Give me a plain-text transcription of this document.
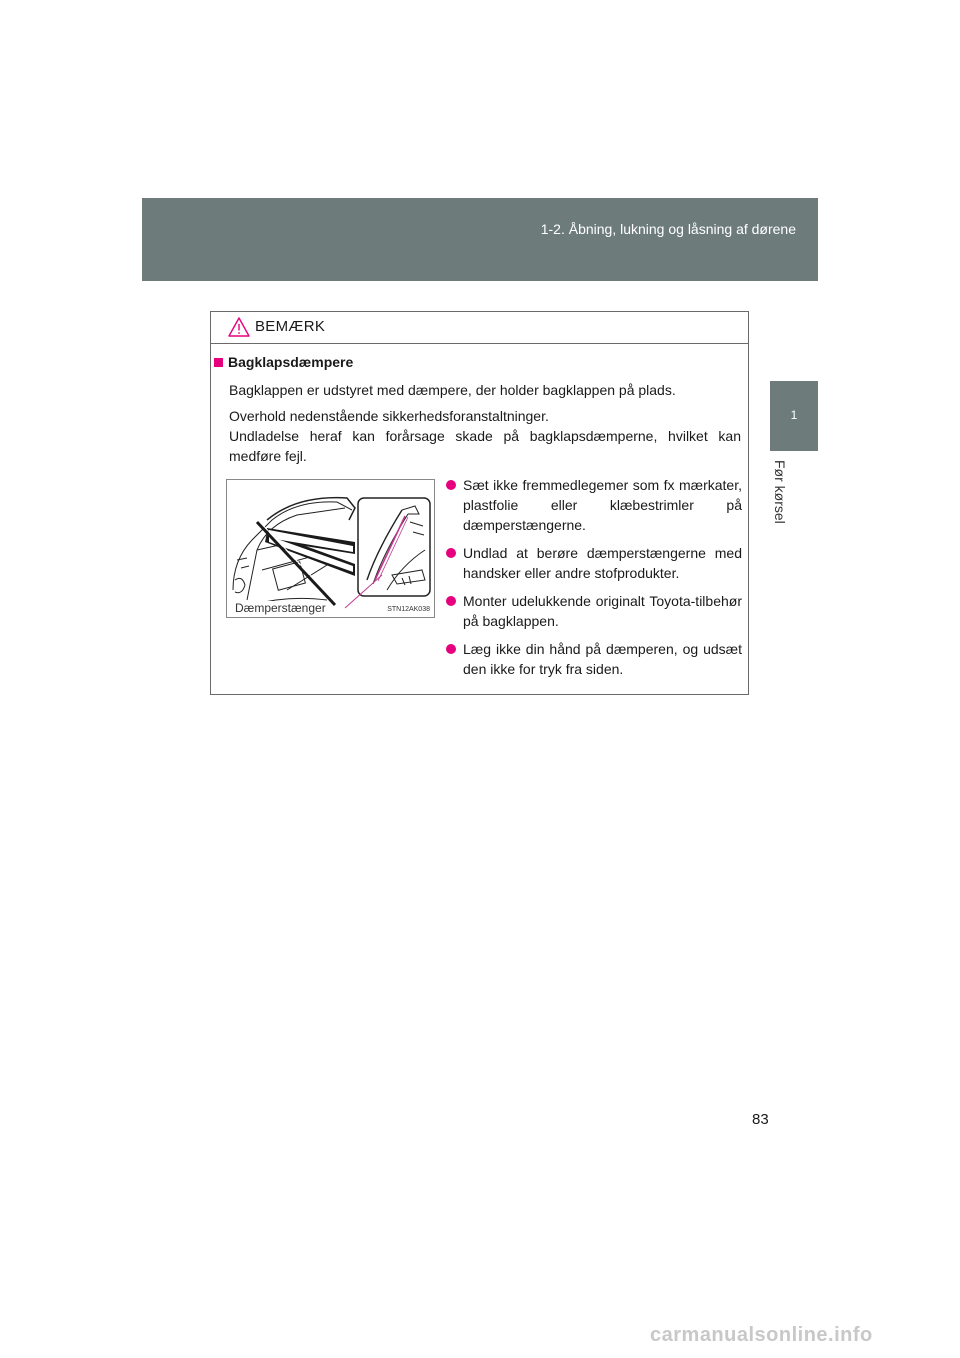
1-2. Åbning, lukning og låsning af dørene
1
Før kørsel
BEMÆRK
Bagklapsdæmpere
Bagklappen er udstyret med dæmpere, der holder bagklappen på plads.
Overhold nedenstående sikkerhedsforanstaltninger.
Undladelse heraf kan forårsage skade på bagklapsdæmperne, hvilket kan medføre fejl.
Dæmperstænger	STN12AK038
Sæt ikke fremmedlegemer som fx mærkater, plastfolie eller klæbestrimler på dæmperstængerne.
Undlad at berøre dæmperstængerne med handsker eller andre stofprodukter.
Monter udelukkende originalt Toyota-tilbehør på bagklappen.
Læg ikke din hånd på dæmperen, og udsæt den ikke for tryk fra siden.
83
carmanualsonline.info
